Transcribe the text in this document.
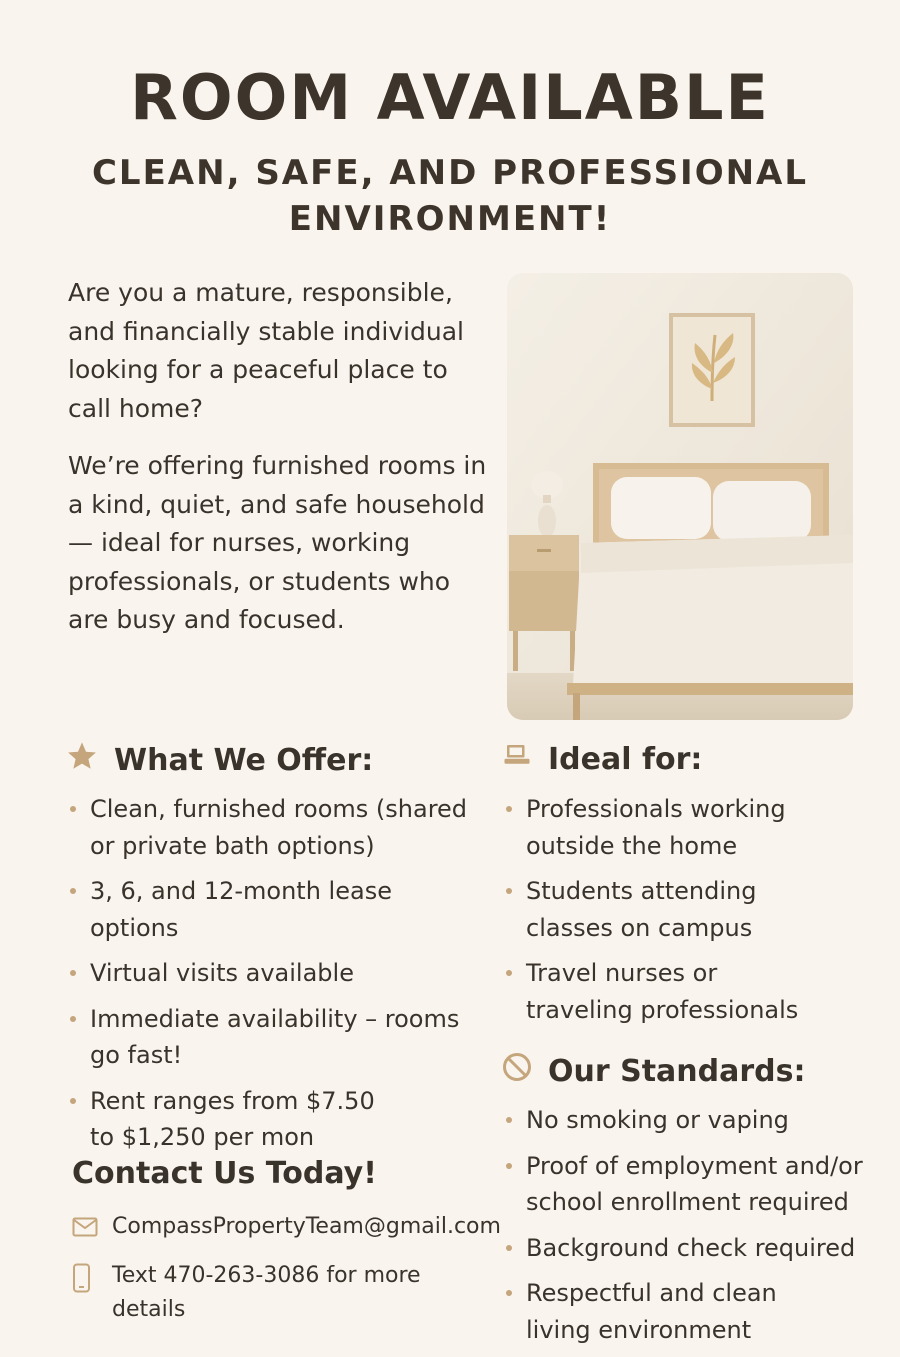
ROOM AVAILABLE
CLEAN, SAFE, AND PROFESSIONAL ENVIRONMENT!

Are you a mature, responsible, and financially stable individual looking for a peaceful place to call home?

We’re offering furnished rooms in a kind, quiet, and safe household — ideal for nurses, working professionals, or students who are busy and focused.

What We Offer:
Clean, furnished rooms (shared or private bath options)
3, 6, and 12-month lease options
Virtual visits available
Immediate availability – rooms go fast!
Rent ranges from $7.50 to $1,250 per mon
Ideal for:
Professionals working outside the home
Students attending classes on campus
Travel nurses or traveling professionals
Our Standards:
No smoking or vaping
Proof of employment and/or school enrollment required
Background check required
Respectful and clean living environment
Contact Us Today!
CompassPropertyTeam@gmail.com
Text 470-263-3086 for more details
